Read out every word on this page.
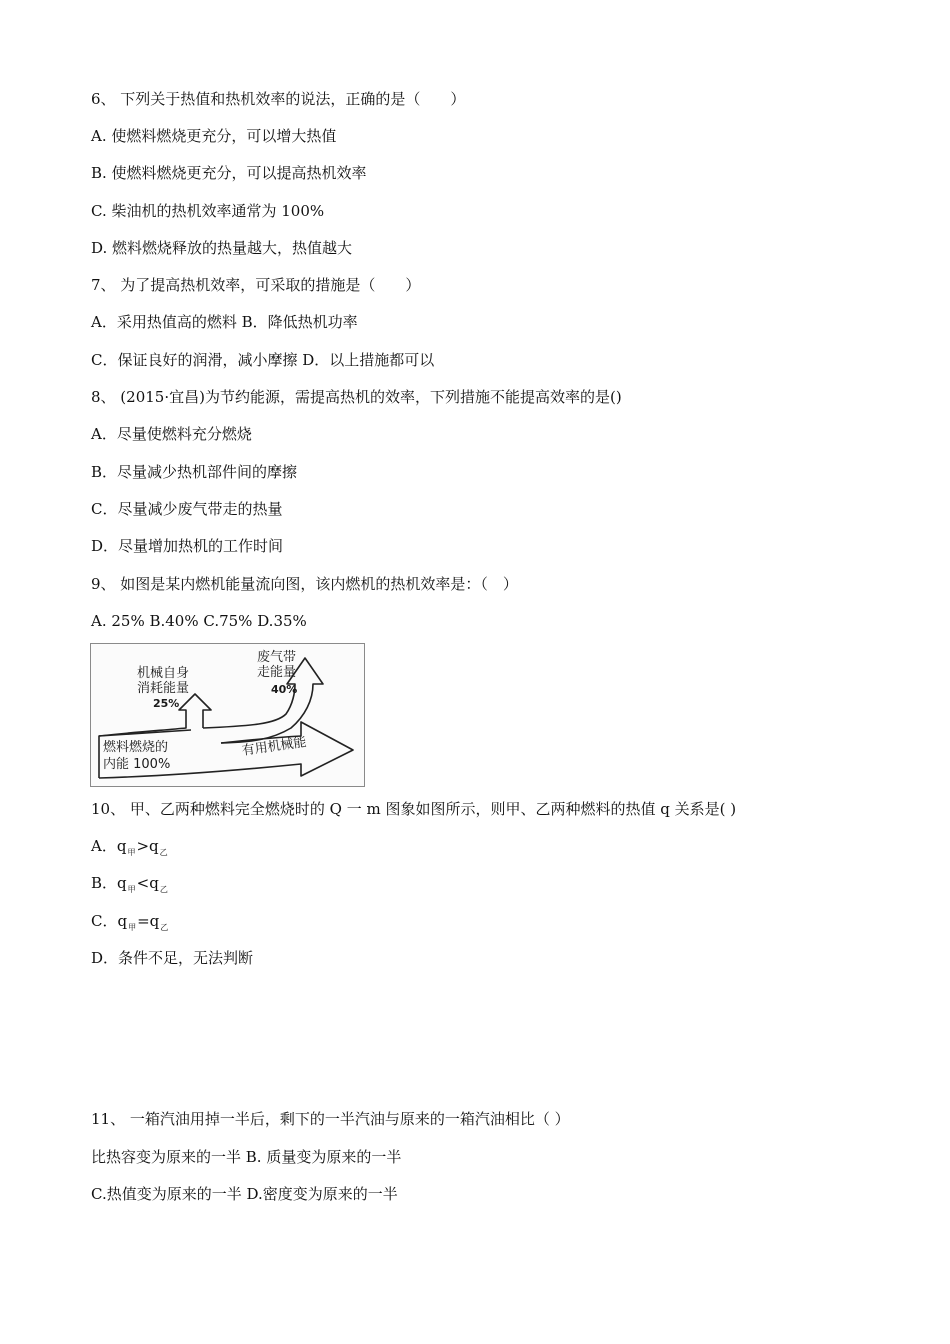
6、 下列关于热值和热机效率的说法，正确的是（　　）
A. 使燃料燃烧更充分，可以增大热值
B. 使燃料燃烧更充分，可以提高热机效率
C. 柴油机的热机效率通常为 100%
D. 燃料燃烧释放的热量越大，热值越大
7、 为了提高热机效率，可采取的措施是（　　）
A．采用热值高的燃料 B．降低热机功率
C．保证良好的润滑，减小摩擦 D．以上措施都可以
8、 (2015·宜昌)为节约能源，需提高热机的效率，下列措施不能提高效率的是()
A．尽量使燃料充分燃烧
B．尽量减少热机部件间的摩擦
C．尽量减少废气带走的热量
D．尽量增加热机的工作时间
9、 如图是某内燃机能量流向图，该内燃机的热机效率是：（　）
A. 25% B.40% C.75% D.35%
机械自身
消耗能量
25%
废气带
走能量
40%
燃料燃烧的
内能 100%
有用机械能
10、 甲、乙两种燃料完全燃烧时的 Q 一 m 图象如图所示，则甲、乙两种燃料的热值 q 关系是( )
A．$q_甲>q_乙$
B．$q_甲<q_乙$
C．$q_甲=q_乙$
D．条件不足，无法判断
11、 一箱汽油用掉一半后，剩下的一半汽油与原来的一箱汽油相比（ ）
比热容变为原来的一半 B. 质量变为原来的一半
C.热值变为原来的一半 D.密度变为原来的一半
